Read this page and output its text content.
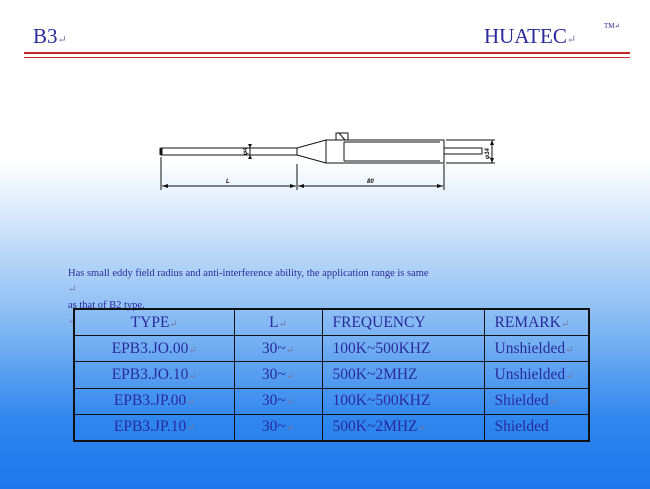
B3↵	HUATEC↵
TM↵
L	80
φ4	φ14
Has small eddy field radius and anti-interference ability, the application range is same
↵
as that of B2 type.
↵	TYPE↵	L↵	FREQUENCY	REMARK↵
EPB3.JO.00↵	30~↵	100K~500KHZ	Unshielded↵
EPB3.JO.10↵	30~↵	500K~2MHZ	Unshielded↵
EPB3.JP.00↵	30~↵	100K~500KHZ	Shielded↵
EPB3.JP.10↵	30~↵	500K~2MHZ↵	Shielded
